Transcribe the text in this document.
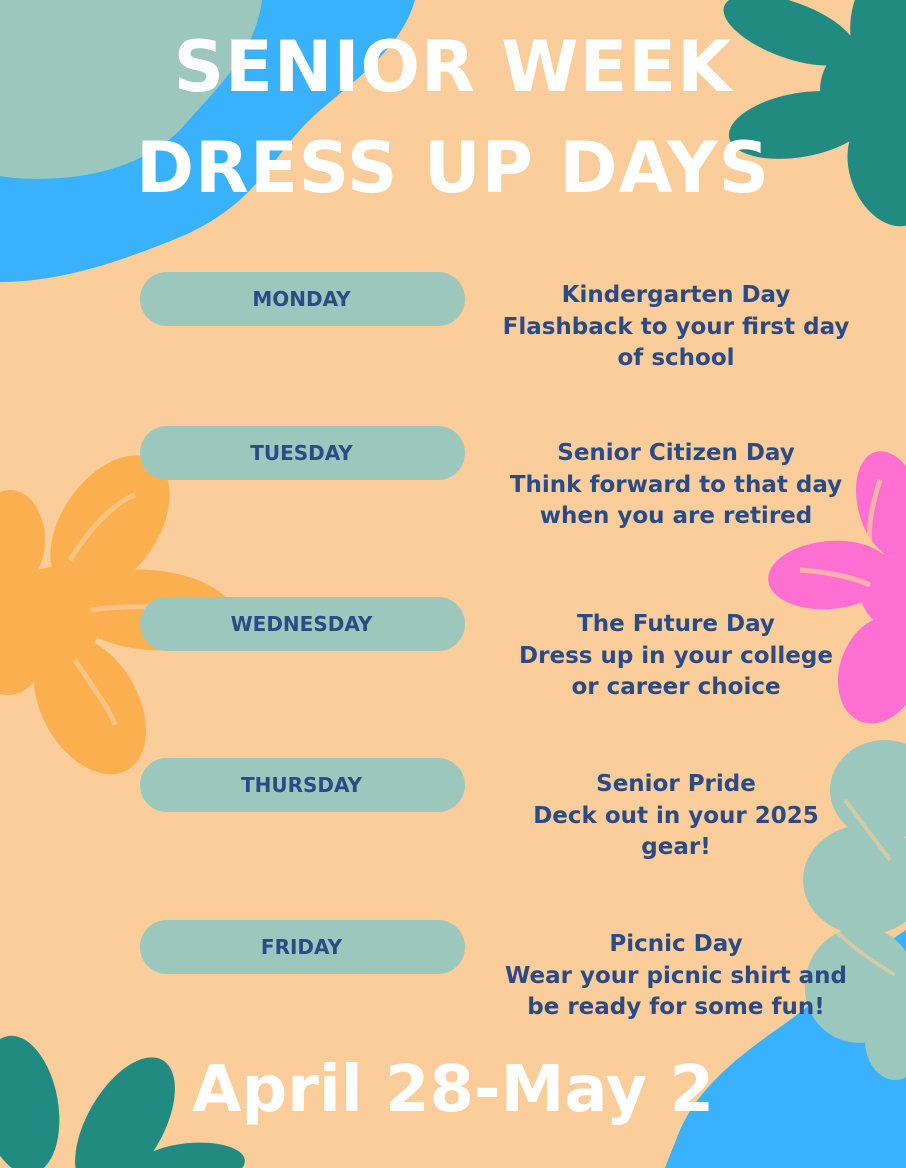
SENIOR WEEK
DRESS UP DAYS
MONDAY	Kindergarten Day
Flashback to your first day
of school
TUESDAY	Senior Citizen Day
Think forward to that day
when you are retired
WEDNESDAY	The Future Day
Dress up in your college
or career choice
THURSDAY	Senior Pride
Deck out in your 2025
gear!
FRIDAY	Picnic Day
Wear your picnic shirt and
be ready for some fun!
April 28-May 2
